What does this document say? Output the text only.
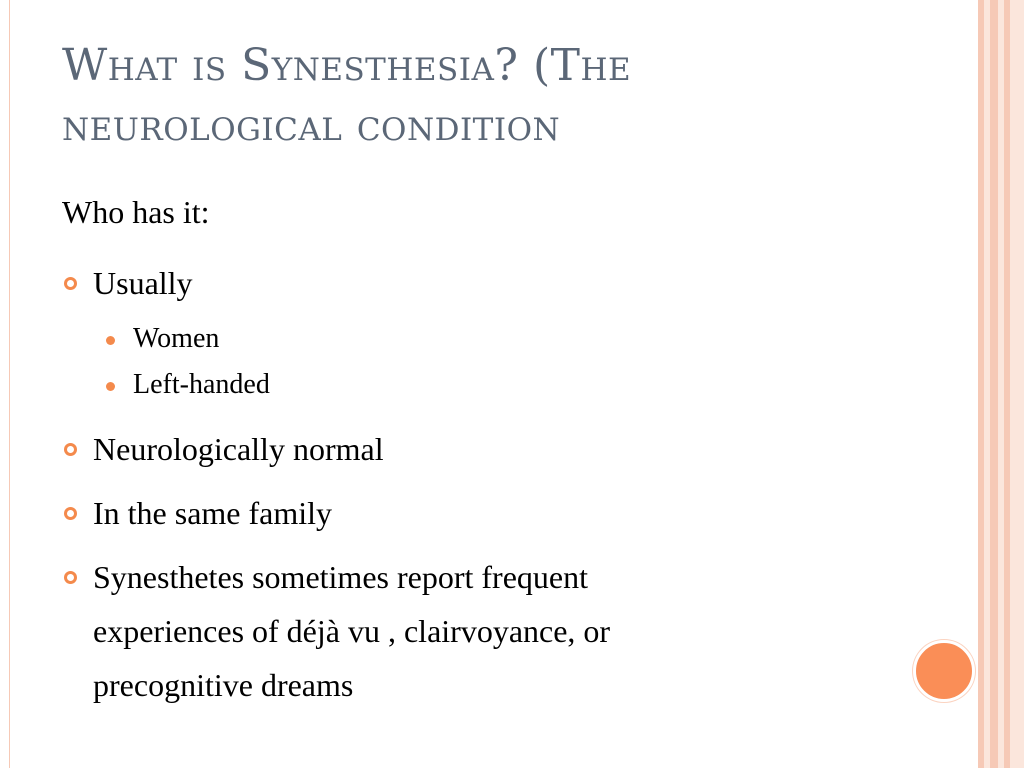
What is Synesthesia? (The
neurological condition
Who has it:
Usually
Women
Left-handed
Neurologically normal
In the same family
Synesthetes sometimes report frequent
experiences of déjà vu , clairvoyance, or
precognitive dreams
